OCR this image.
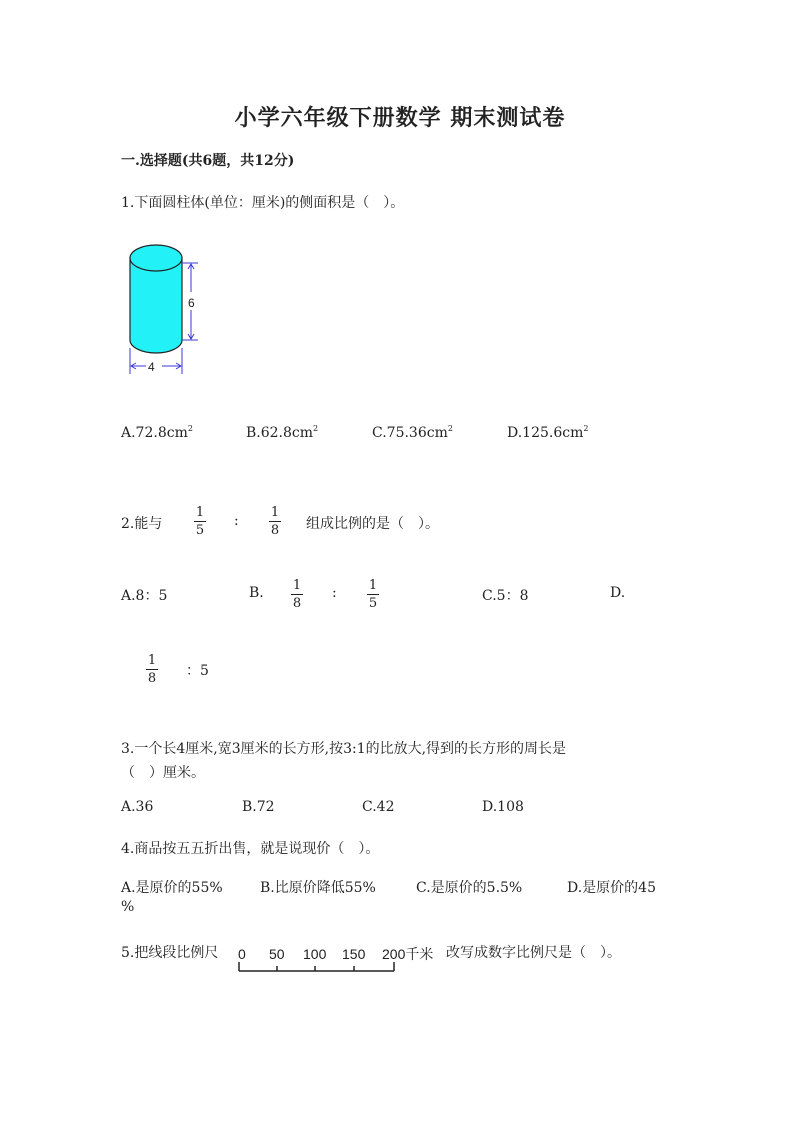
小学六年级下册数学 期末测试卷
一.选择题(共6题，共12分)
1.下面圆柱体(单位：厘米)的侧面积是（　）。
6
4
$A.72.8cm^2$	$B.62.8cm^2$	$C.75.36cm^2$	$D.125.6cm^2$
2.能与
1
5
:
1
8 组成比例的是（　）。
A.8：5	B. 1
8
: 1
5	C.5：8	D.
1
8 ：5
3.一个长4厘米,宽3厘米的长方形,按3:1的比放大,得到的长方形的周长是
（　）厘米。
A.36	B.72	C.42	D.108
4.商品按五五折出售，就是说现价（　）。
A.是原价的55%	B.比原价降低55%	C.是原价的5.5%	D.是原价的45
%
5.把线段比例尺 0 50 100 150 200千米 改写成数字比例尺是（　）。
